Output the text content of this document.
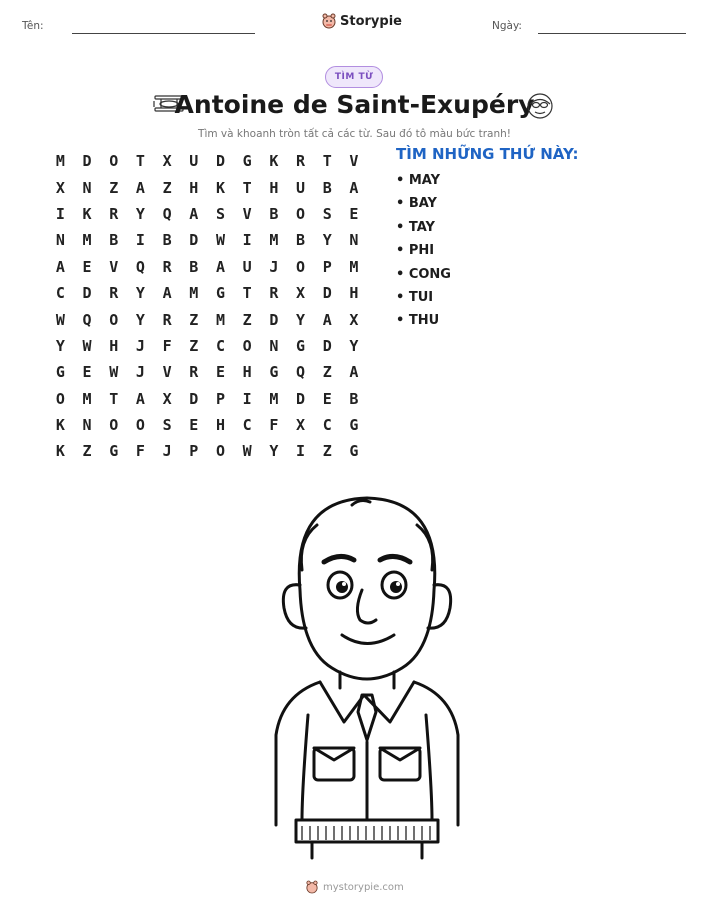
Tên:	Storypie	Ngày:
TÌM TỪ
Antoine de Saint-Exupéry
Tìm và khoanh tròn tất cả các từ. Sau đó tô màu bức tranh!
M	D	O	T	X	U	D	G	K	R	T	V
X	N	Z	A	Z	H	K	T	H	U	B	A
I	K	R	Y	Q	A	S	V	B	O	S	E
N	M	B	I	B	D	W	I	M	B	Y	N
A	E	V	Q	R	B	A	U	J	O	P	M
C	D	R	Y	A	M	G	T	R	X	D	H
W	Q	O	Y	R	Z	M	Z	D	Y	A	X
Y	W	H	J	F	Z	C	O	N	G	D	Y
G	E	W	J	V	R	E	H	G	Q	Z	A
O	M	T	A	X	D	P	I	M	D	E	B
K	N	O	O	S	E	H	C	F	X	C	G
K	Z	G	F	J	P	O	W	Y	I	Z	G
TÌM NHỮNG THỨ NÀY:
• MAY
• BAY
• TAY
• PHI
• CONG
• TUI
• THU
mystorypie.com
